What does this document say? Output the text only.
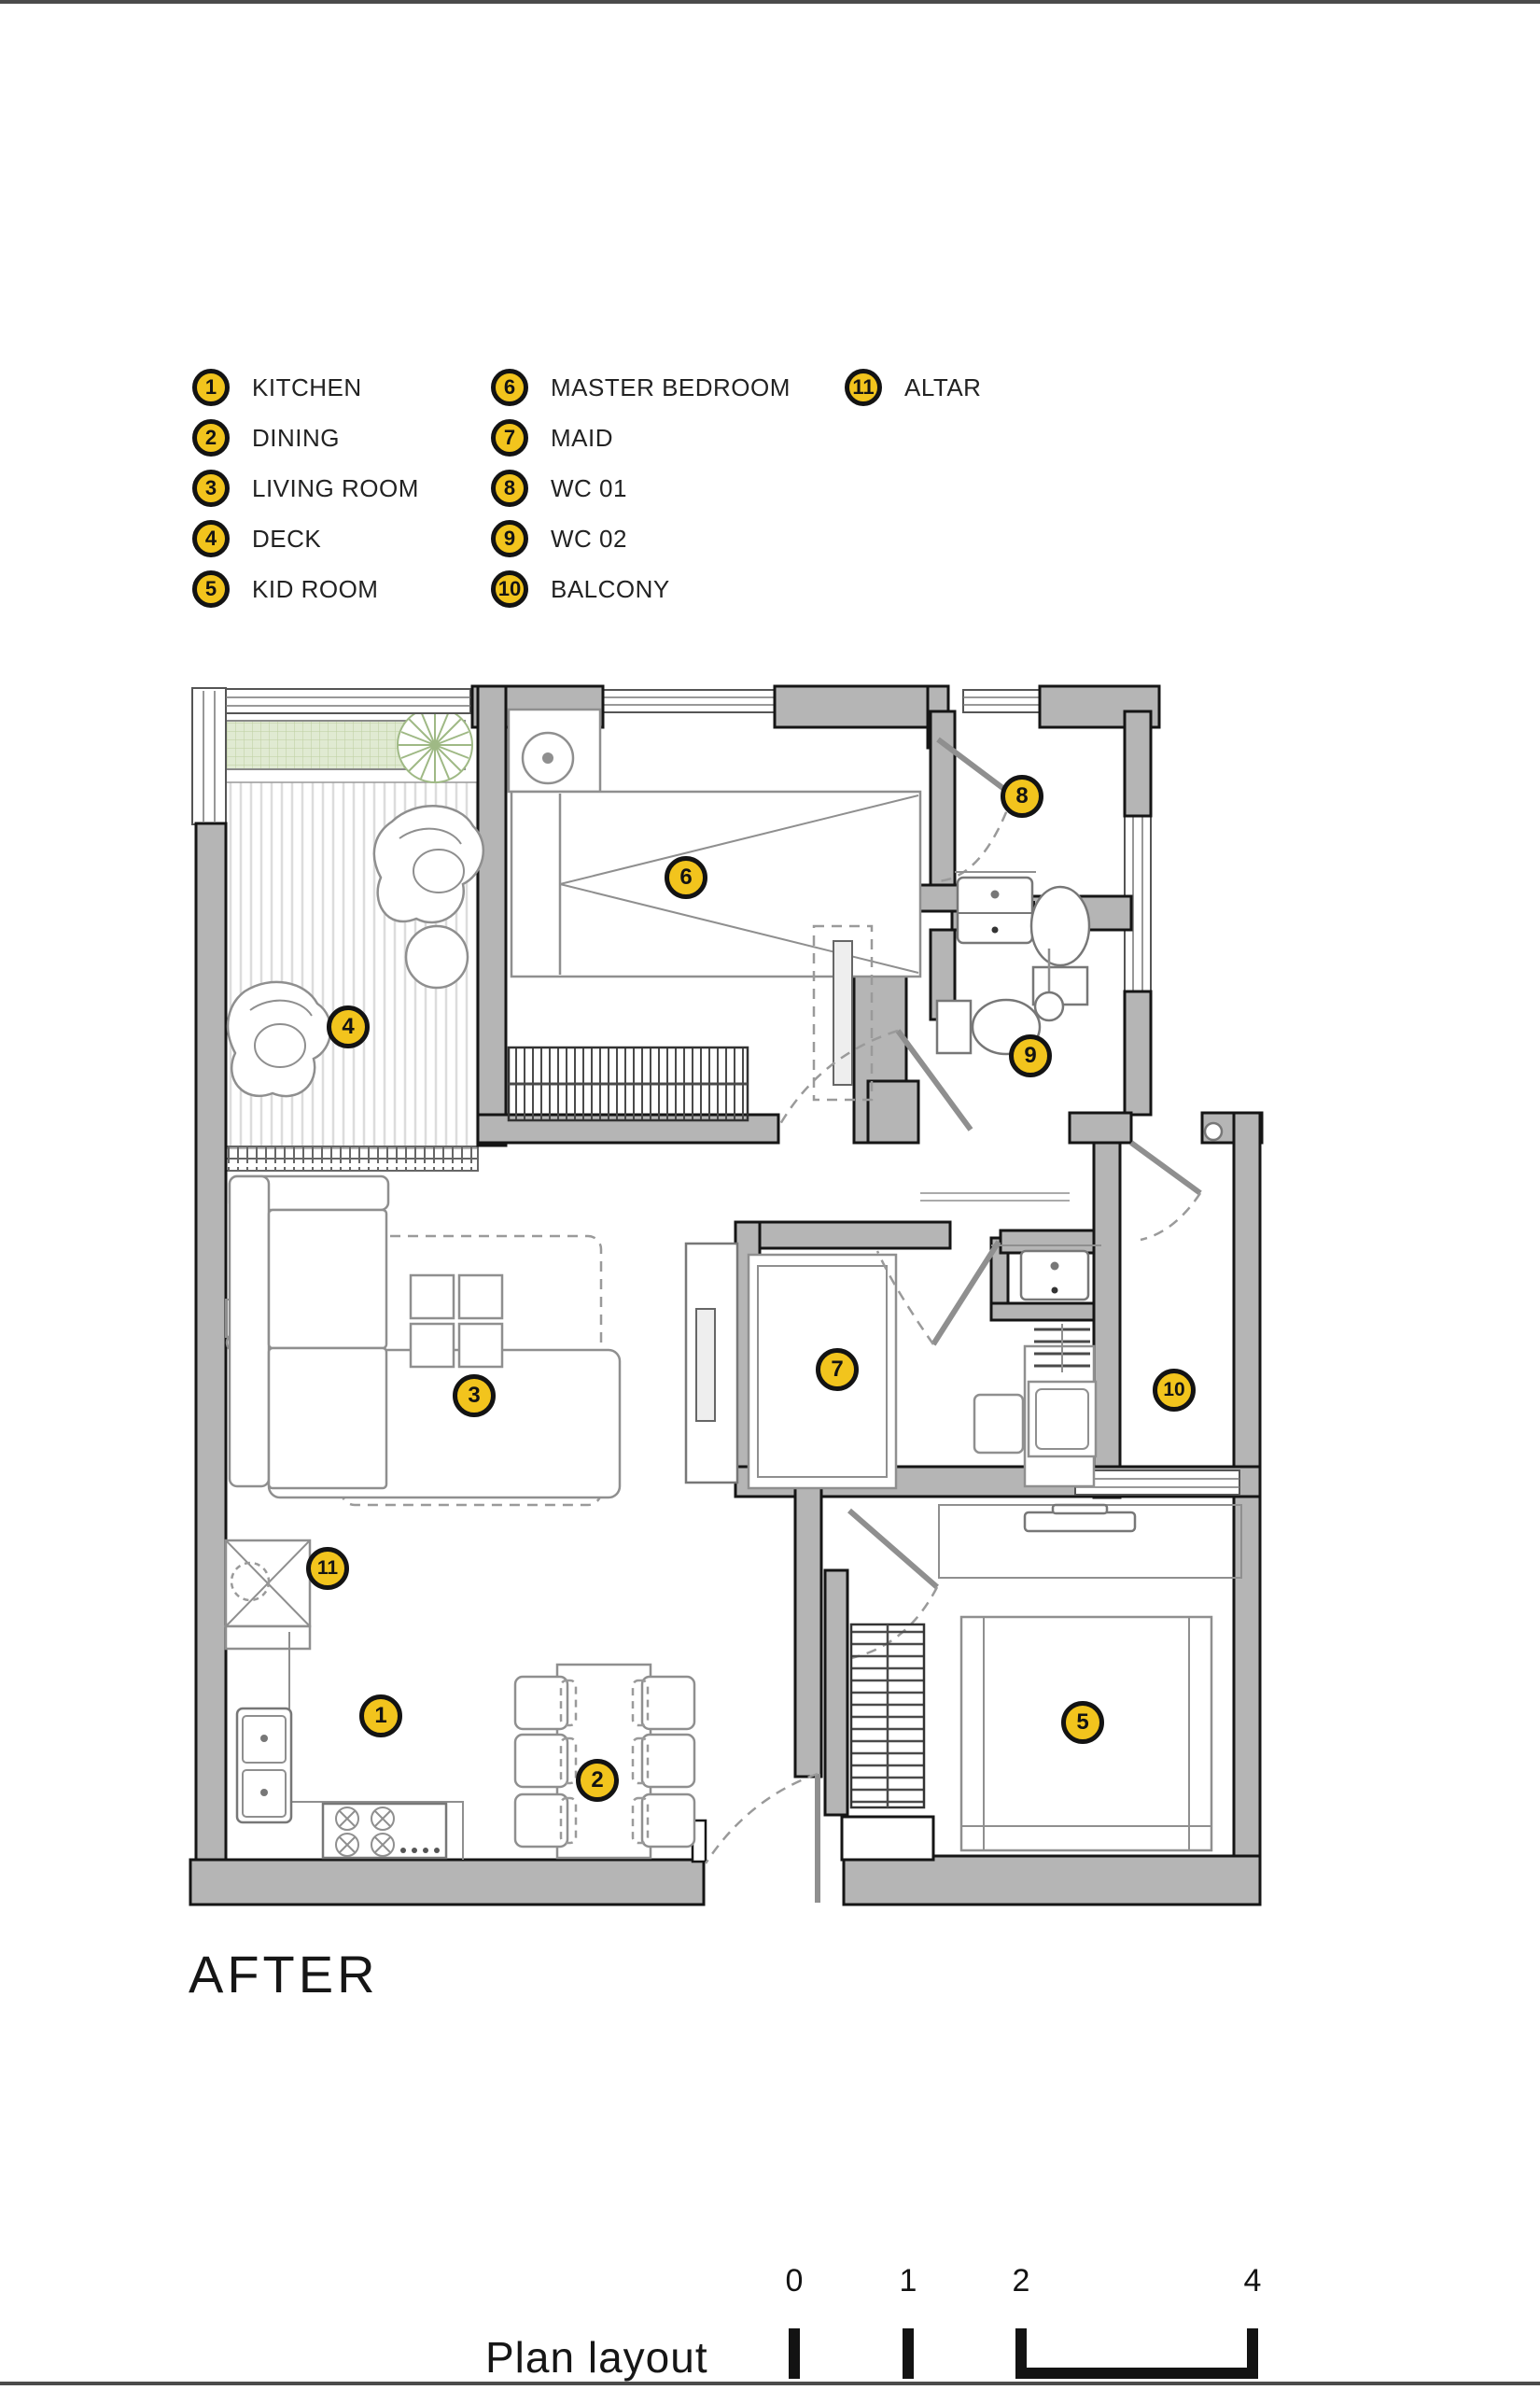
1	KITCHEN
2	DINING
3	LIVING ROOM
4	DECK
5	KID ROOM
6	MASTER BEDROOM
7	MAID
8	WC 01
9	WC 02
10 BALCONY
11	ALTAR
1
2
3
4
5
6
7
8
9
10
11
AFTER
Plan layout
0	1	2	4
